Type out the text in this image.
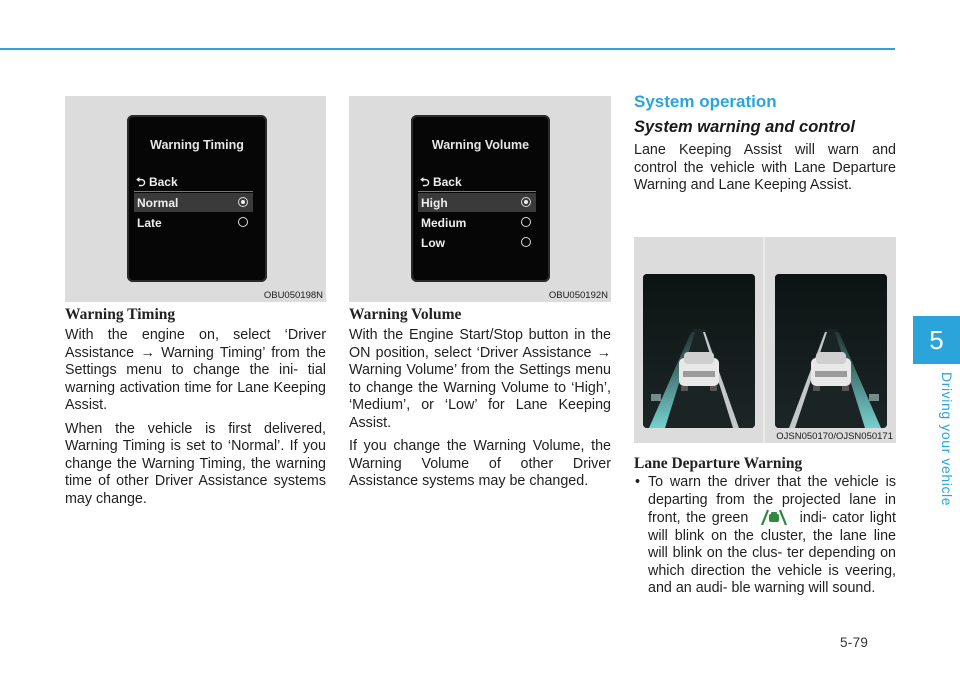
5
Driving your vehicle
Warning Timing
⮌ Back
Normal
Late
OBU050198N
Warning Volume
⮌ Back
High
Medium
Low
OBU050192N
Warning Timing

With the engine on, select ‘Driver Assistance → Warning Timing’ from the Settings menu to change the ini- tial warning activation time for Lane Keeping Assist.

When the vehicle is first delivered, Warning Timing is set to ‘Normal’. If you change the Warning Timing, the warning time of other Driver Assistance systems may change.

Warning Volume

With the Engine Start/Stop button in the ON position, select ‘Driver Assistance → Warning Volume’ from the Settings menu to change the Warning Volume to ‘High’, ‘Medium’, or ‘Low’ for Lane Keeping Assist.

If you change the Warning Volume, the Warning Volume of other Driver Assistance systems may be changed.

System operation
System warning and control
Lane Keeping Assist will warn and control the vehicle with Lane Departure Warning and Lane Keeping Assist.
OJSN050170/OJSN050171
Lane Departure Warning
• To warn the driver that the vehicle is departing from the projected lane in front, the green	indi- cator light will blink on the cluster, the lane line will blink on the clus- ter depending on which direction the vehicle is veering, and an audi- ble warning will sound.
5-79
